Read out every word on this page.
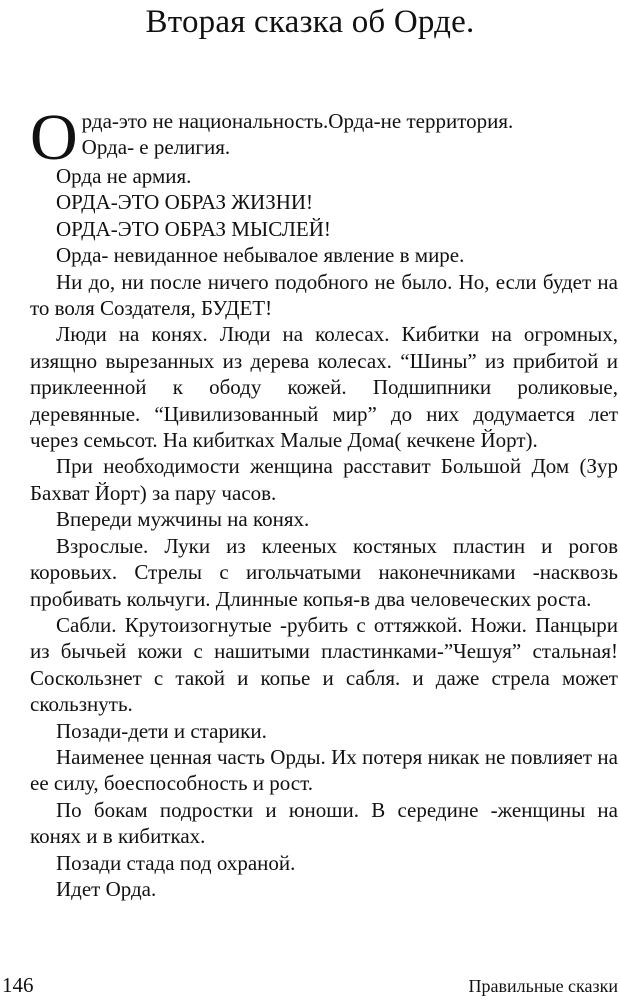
Вторая сказка об Орде.
О рда-это не национальность.Орда-не территория.
Орда- е религия.

Орда не армия.

ОРДА-ЭТО ОБРАЗ ЖИЗНИ!

ОРДА-ЭТО ОБРАЗ МЫСЛЕЙ!

Орда- невиданное небывалое явление в мире.

Ни до, ни после ничего подобного не было. Но, если будет на то воля Создателя, БУДЕТ!

Люди на конях. Люди на колесах. Кибитки на огромных, изящно вырезанных из дерева колесах. “Шины” из прибитой и приклеенной к ободу кожей. Подшипники роликовые, деревянные. “Цивилизованный мир” до них додумается лет через семьсот. На кибитках Малые Дома( кечкене Йорт).

При необходимости женщина расставит Большой Дом (Зур Бахват Йорт) за пару часов.

Впереди мужчины на конях.

Взрослые. Луки из клееных костяных пластин и рогов коровьих. Стрелы с игольчатыми наконечниками -насквозь пробивать кольчуги. Длинные копья-в два человеческих роста.

Сабли. Крутоизогнутые -рубить с оттяжкой. Ножи. Панцыри из бычьей кожи с нашитыми пластинками-”Чешуя” стальная! Соскользнет с такой и копье и сабля. и даже стрела может скользнуть.

Позади-дети и старики.

Наименее ценная часть Орды. Их потеря никак не повлияет на ее силу, боеспособность и рост.

По бокам подростки и юноши. В середине -женщины на конях и в кибитках.

Позади стада под охраной.

Идет Орда.

146	Правильные сказки
